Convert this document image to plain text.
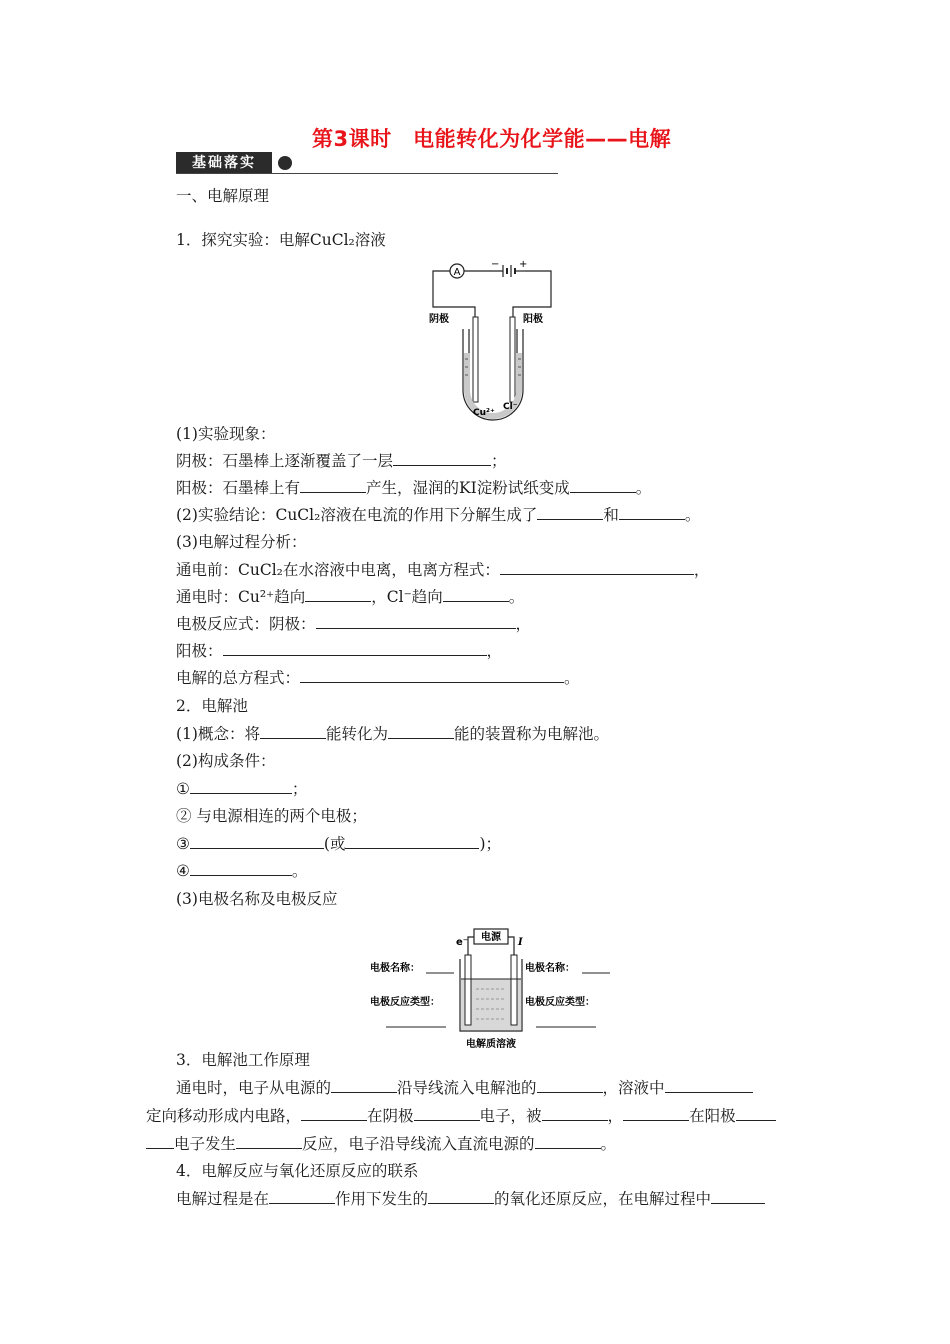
第3课时　电能转化为化学能——电解
基础落实
一、电解原理
1．探究实验：电解CuCl₂溶液
A
− +
阴极	阳极
Cu²⁺
Cl⁻
(1)实验现象：
阴极：石墨棒上逐渐覆盖了一层	；
阳极：石墨棒上有	产生，湿润的KI淀粉试纸变成	。
(2)实验结论：CuCl₂溶液在电流的作用下分解生成了	和	。
(3)电解过程分析：
通电前：CuCl₂在水溶液中电离，电离方程式：	，
通电时：Cu²⁺趋向	，Cl⁻趋向	。
电极反应式：阴极：	，
阳极：	，
电解的总方程式：	。
2．电解池
(1)概念：将	能转化为	能的装置称为电解池。
(2)构成条件：
①	；
② 与电源相连的两个电极；
③	(或	)；
④	。
(3)电极名称及电极反应
电源
e⁻	I
电极名称：	电极名称：
电极反应类型：	电极反应类型：
电解质溶液
3．电解池工作原理
通电时，电子从电源的	沿导线流入电解池的	，溶液中
定向移动形成内电路，	在阴极	电子，被	，	在阳极
电子发生	反应，电子沿导线流入直流电源的	。
4．电解反应与氧化还原反应的联系
电解过程是在	作用下发生的	的氧化还原反应，在电解过程中
